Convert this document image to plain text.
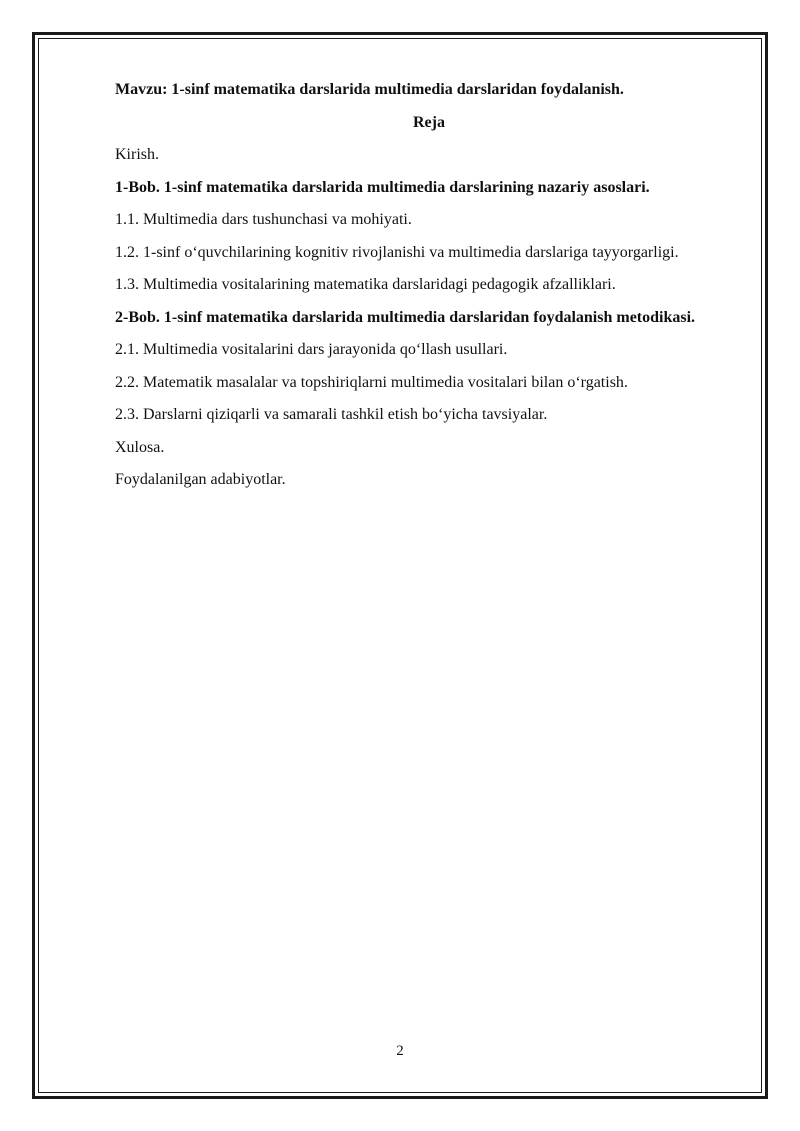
Mavzu: 1-sinf matematika darslarida multimedia darslaridan foydalanish.

Reja

Kirish.

1-Bob. 1-sinf matematika darslarida multimedia darslarining nazariy asoslari.

1.1. Multimedia dars tushunchasi va mohiyati.

1.2. 1-sinf o‘quvchilarining kognitiv rivojlanishi va multimedia darslariga tayyorgarligi.

1.3. Multimedia vositalarining matematika darslaridagi pedagogik afzalliklari.

2-Bob. 1-sinf matematika darslarida multimedia darslaridan foydalanish metodikasi.

2.1. Multimedia vositalarini dars jarayonida qo‘llash usullari.

2.2. Matematik masalalar va topshiriqlarni multimedia vositalari bilan o‘rgatish.

2.3. Darslarni qiziqarli va samarali tashkil etish bo‘yicha tavsiyalar.

Xulosa.

Foydalanilgan adabiyotlar.

2
